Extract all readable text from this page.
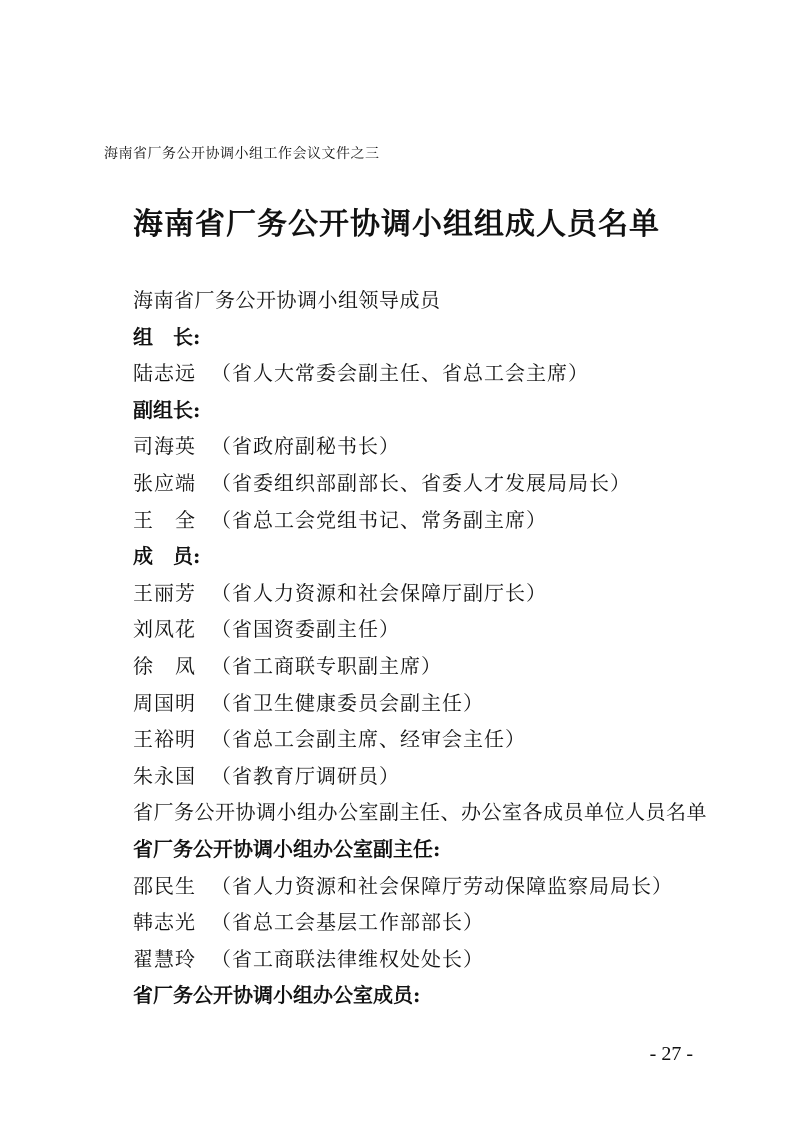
海南省厂务公开协调小组工作会议文件之三
海南省厂务公开协调小组组成人员名单
海南省厂务公开协调小组领导成员
组　长:
陆志远 （省人大常委会副主任、省总工会主席）
副组长:
司海英 （省政府副秘书长）
张应端 （省委组织部副部长、省委人才发展局局长）
王　全 （省总工会党组书记、常务副主席）
成　员:
王丽芳 （省人力资源和社会保障厅副厅长）
刘凤花 （省国资委副主任）
徐　凤 （省工商联专职副主席）
周国明 （省卫生健康委员会副主任）
王裕明 （省总工会副主席、经审会主任）
朱永国 （省教育厅调研员）
省厂务公开协调小组办公室副主任、办公室各成员单位人员名单
省厂务公开协调小组办公室副主任:
邵民生 （省人力资源和社会保障厅劳动保障监察局局长）
韩志光 （省总工会基层工作部部长）
翟慧玲 （省工商联法律维权处处长）
省厂务公开协调小组办公室成员:
- 27 -
